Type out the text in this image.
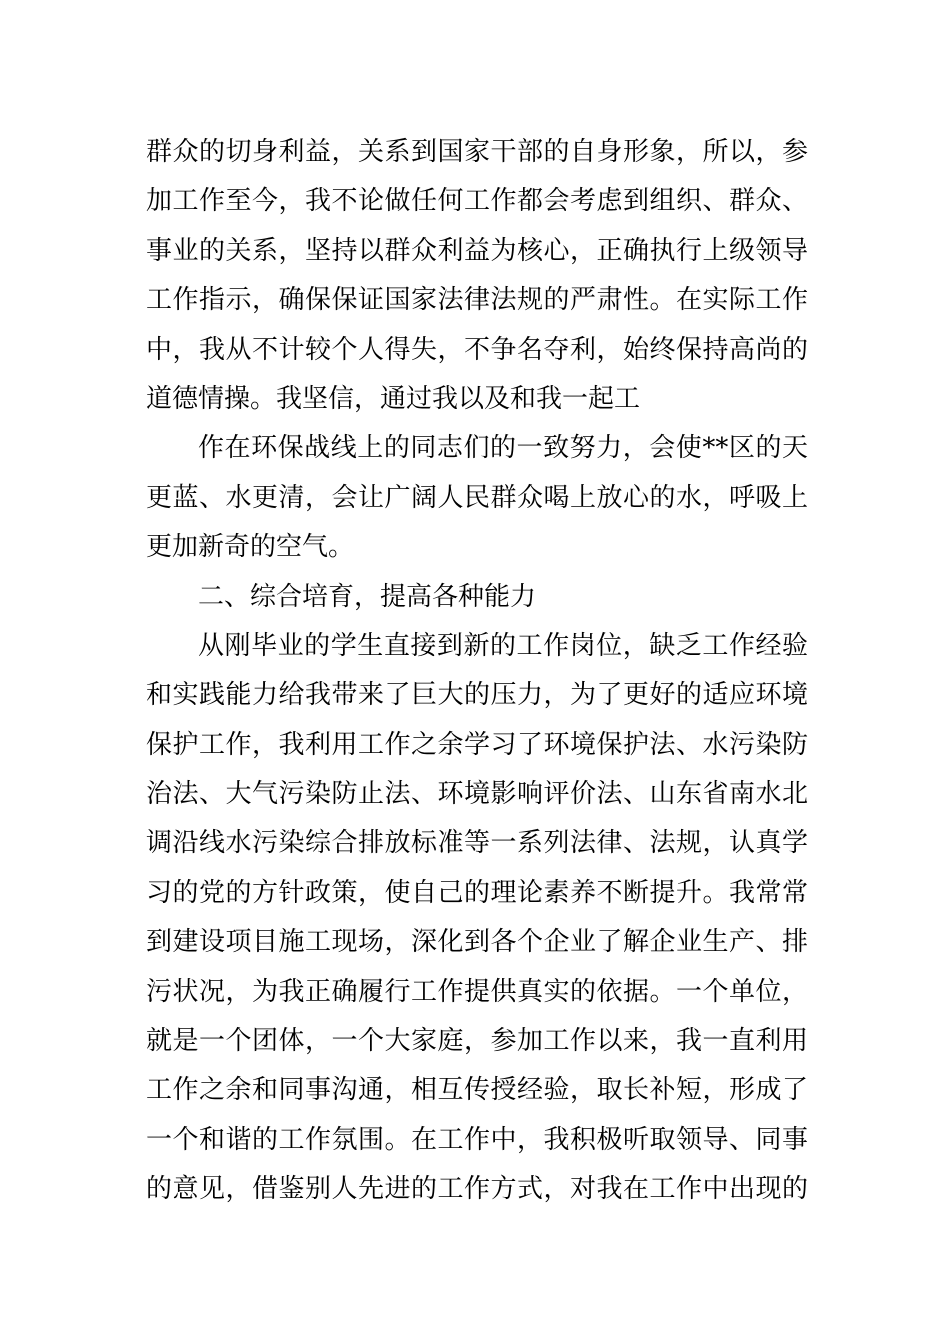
群众的切身利益，关系到国家干部的自身形象，所以，参
加工作至今，我不论做任何工作都会考虑到组织、群众、
事业的关系，坚持以群众利益为核心，正确执行上级领导
工作指示，确保保证国家法律法规的严肃性。在实际工作
中，我从不计较个人得失，不争名夺利，始终保持高尚的
道德情操。我坚信，通过我以及和我一起工
作在环保战线上的同志们的一致努力，会使**区的天
更蓝、水更清，会让广阔人民群众喝上放心的水，呼吸上
更加新奇的空气。
二、综合培育，提高各种能力
从刚毕业的学生直接到新的工作岗位，缺乏工作经验
和实践能力给我带来了巨大的压力，为了更好的适应环境
保护工作，我利用工作之余学习了环境保护法、水污染防
治法、大气污染防止法、环境影响评价法、山东省南水北
调沿线水污染综合排放标准等一系列法律、法规，认真学
习的党的方针政策，使自己的理论素养不断提升。我常常
到建设项目施工现场，深化到各个企业了解企业生产、排
污状况，为我正确履行工作提供真实的依据。一个单位，
就是一个团体，一个大家庭，参加工作以来，我一直利用
工作之余和同事沟通，相互传授经验，取长补短，形成了
一个和谐的工作氛围。在工作中，我积极听取领导、同事
的意见，借鉴别人先进的工作方式，对我在工作中出现的
